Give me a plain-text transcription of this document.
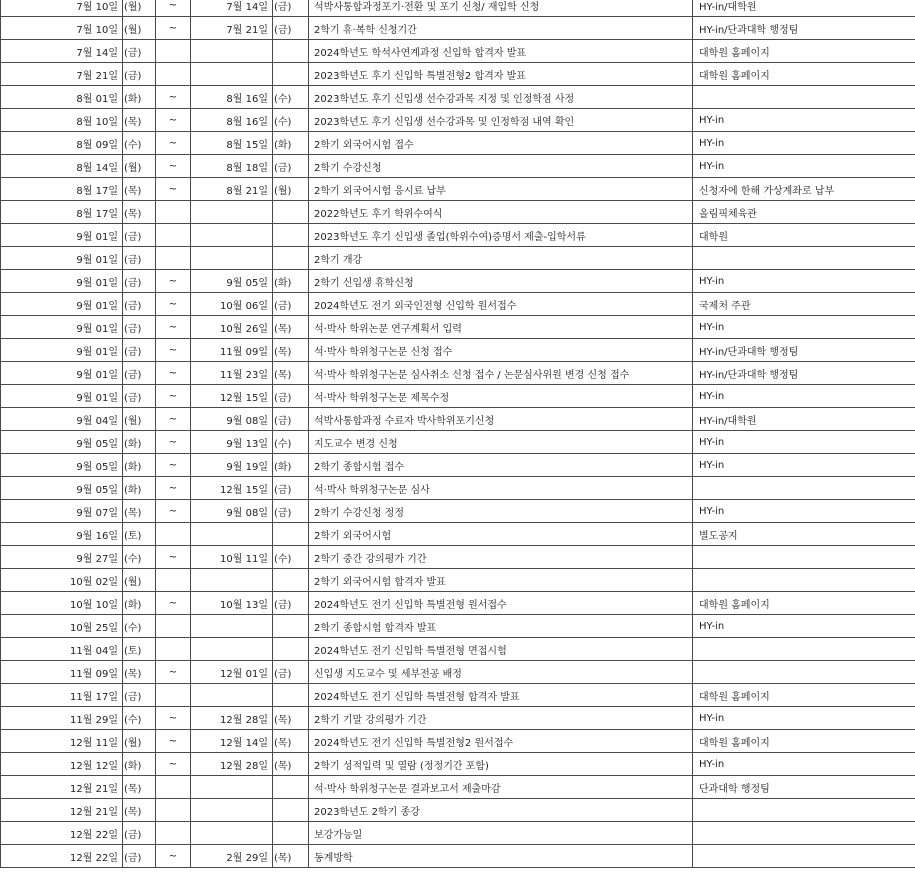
7월 10일	(월)	~	7월 14일	(금)	석박사통합과정포기·전환 및 포기 신청/ 재입학 신청	HY-in/대학원
7월 10일	(월)	~	7월 21일	(금)	2학기 휴·복학 신청기간	HY-in/단과대학 행정팀
7월 14일	(금)				2024학년도 학석사연계과정 신입학 합격자 발표	대학원 홈페이지
7월 21일	(금)				2023학년도 후기 신입학 특별전형2 합격자 발표	대학원 홈페이지
8월 01일	(화)	~	8월 16일	(수)	2023학년도 후기 신입생 선수강과목 지정 및 인정학점 사정	
8월 10일	(목)	~	8월 16일	(수)	2023학년도 후기 신입생 선수강과목 및 인정학점 내역 확인	HY-in
8월 09일	(수)	~	8월 15일	(화)	2학기 외국어시험 접수	HY-in
8월 14일	(월)	~	8월 18일	(금)	2학기 수강신청	HY-in
8월 17일	(목)	~	8월 21일	(월)	2학기 외국어시험 응시료 납부	신청자에 한해 가상계좌로 납부
8월 17일	(목)				2022학년도 후기 학위수여식	올림픽체육관
9월 01일	(금)				2023학년도 후기 신입생 졸업(학위수여)증명서 제출-입학서류	대학원
9월 01일	(금)				2학기 개강	
9월 01일	(금)	~	9월 05일	(화)	2학기 신입생 휴학신청	HY-in
9월 01일	(금)	~	10월 06일	(금)	2024학년도 전기 외국인전형 신입학 원서접수	국제처 주관
9월 01일	(금)	~	10월 26일	(목)	석·박사 학위논문 연구계획서 입력	HY-in
9월 01일	(금)	~	11월 09일	(목)	석·박사 학위청구논문 신청 접수	HY-in/단과대학 행정팀
9월 01일	(금)	~	11월 23일	(목)	석·박사 학위청구논문 심사취소 신청 접수 / 논문심사위원 변경 신청 접수	HY-in/단과대학 행정팀
9월 01일	(금)	~	12월 15일	(금)	석·박사 학위청구논문 제목수정	HY-in
9월 04일	(월)	~	9월 08일	(금)	석박사통합과정 수료자 박사학위포기신청	HY-in/대학원
9월 05일	(화)	~	9월 13일	(수)	지도교수 변경 신청	HY-in
9월 05일	(화)	~	9월 19일	(화)	2학기 종합시험 접수	HY-in
9월 05일	(화)	~	12월 15일	(금)	석·박사 학위청구논문 심사	
9월 07일	(목)	~	9월 08일	(금)	2학기 수강신청 정정	HY-in
9월 16일	(토)				2학기 외국어시험	별도공지
9월 27일	(수)	~	10월 11일	(수)	2학기 중간 강의평가 기간	
10월 02일	(월)				2학기 외국어시험 합격자 발표	
10월 10일	(화)	~	10월 13일	(금)	2024학년도 전기 신입학 특별전형 원서접수	대학원 홈페이지
10월 25일	(수)				2학기 종합시험 합격자 발표	HY-in
11월 04일	(토)				2024학년도 전기 신입학 특별전형 면접시험	
11월 09일	(목)	~	12월 01일	(금)	신입생 지도교수 및 세부전공 배정	
11월 17일	(금)				2024학년도 전기 신입학 특별전형 합격자 발표	대학원 홈페이지
11월 29일	(수)	~	12월 28일	(목)	2학기 기말 강의평가 기간	HY-in
12월 11일	(월)	~	12월 14일	(목)	2024학년도 전기 신입학 특별전형2 원서접수	대학원 홈페이지
12월 12일	(화)	~	12월 28일	(목)	2학기 성적입력 및 열람 (정정기간 포함)	HY-in
12월 21일	(목)				석·박사 학위청구논문 결과보고서 제출마감	단과대학 행정팀
12월 21일	(목)				2023학년도 2학기 종강	
12월 22일	(금)				보강가능일	
12월 22일	(금)	~	2월 29일	(목)	동계방학	
